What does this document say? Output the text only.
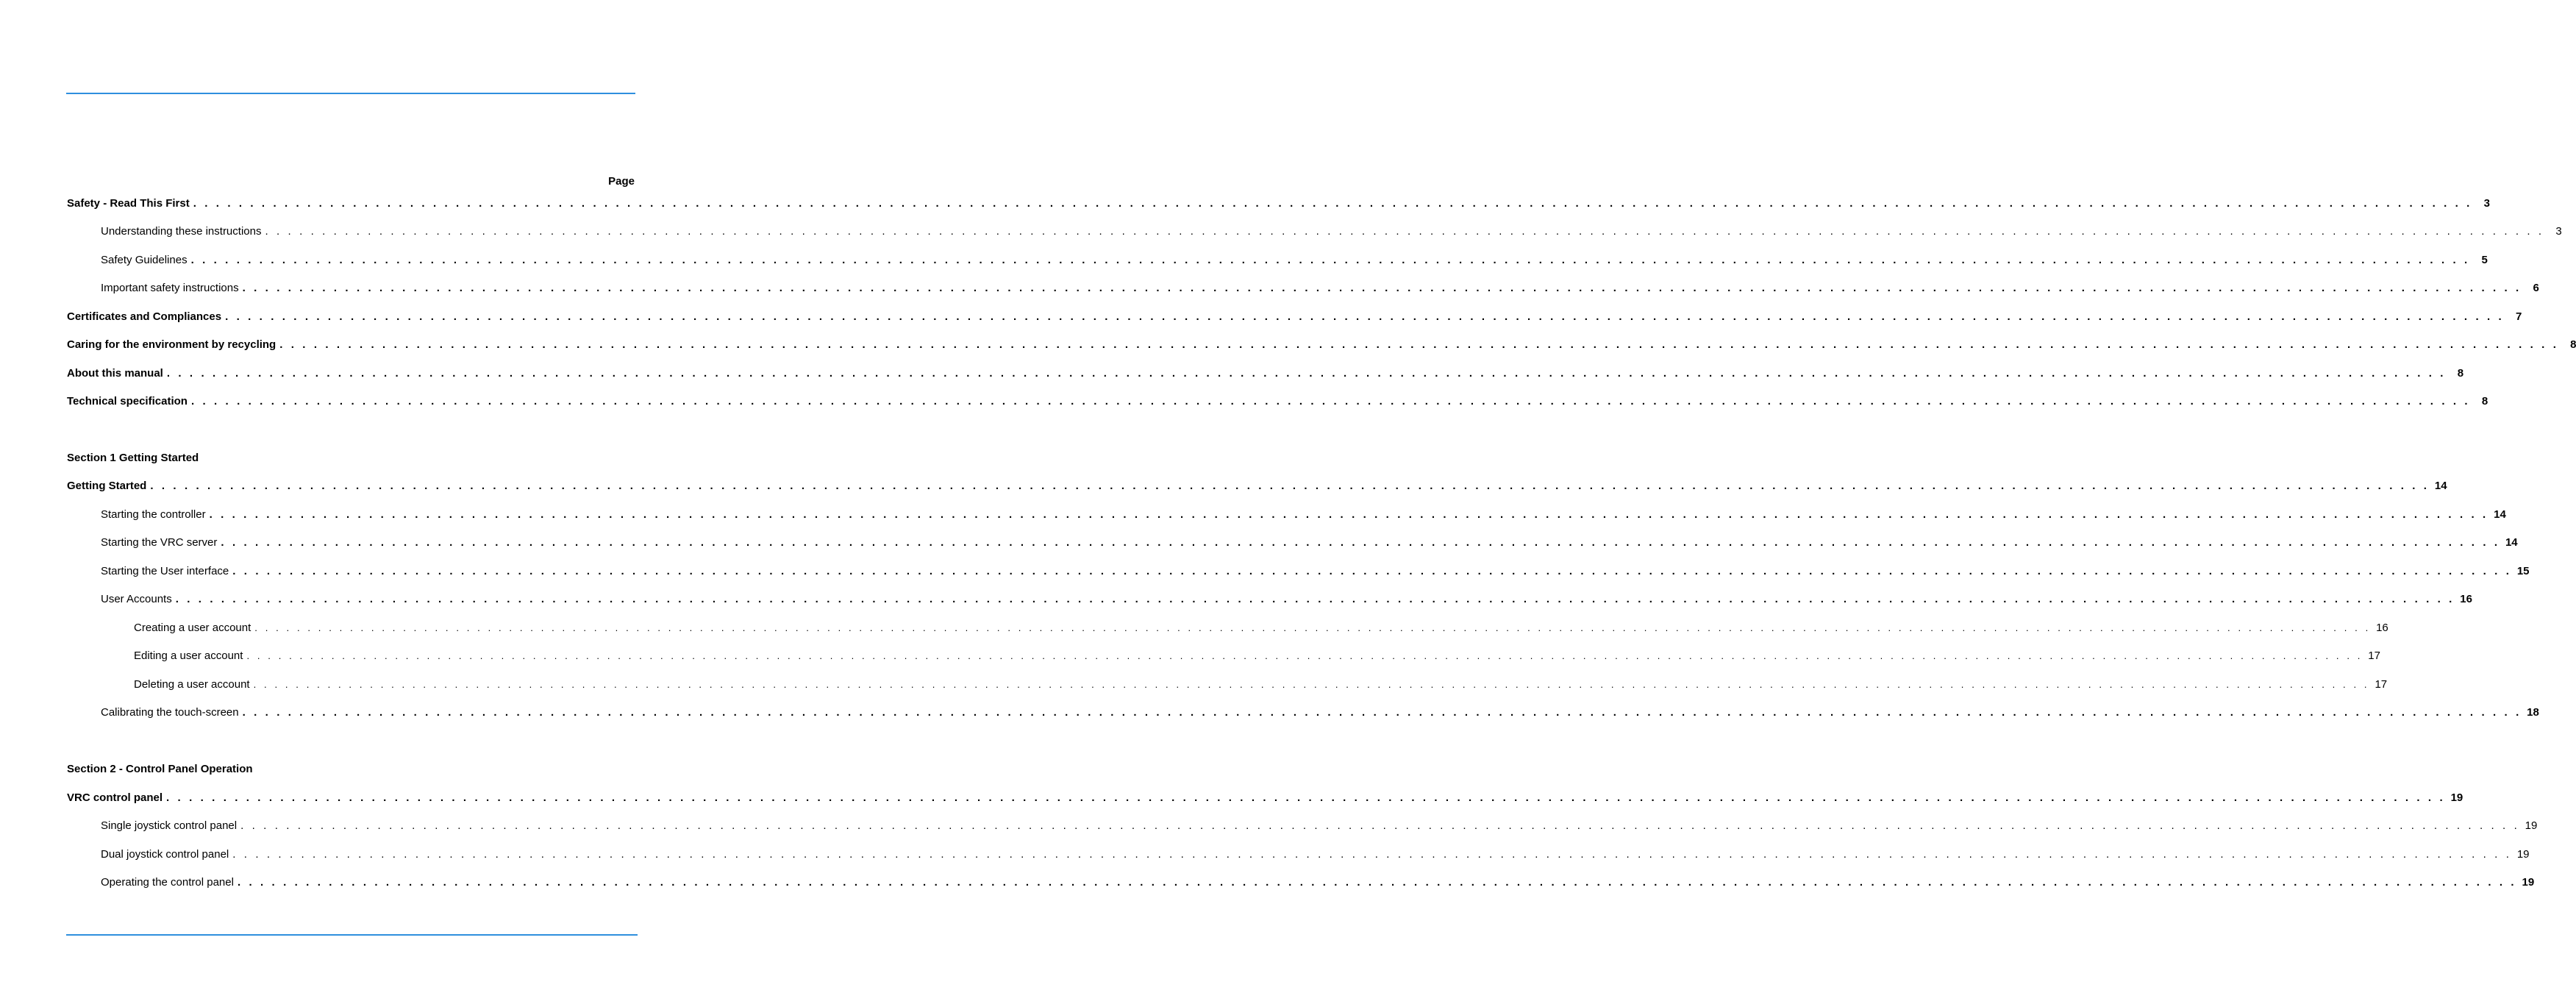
Page
Safety - Read This First . . . . . . . . . . . . . . . . . . . . . . . . . . . . . . . . . . . . . . . . . . . . . . . . . . . . . . . . . . . . . . . . . . . . . . . . . . . . . . . . . . . . . . . . . . . . . . . . . . . . . . . . . . . . . . . . . . . . . . . . . . . . . . . . . . . . . . . . . . . . . . . . . . . . . . . . . . . . . . . . . . . . . . . . . . . . . . . . . . . . . . . . . . . . . . . . . . . . . . . .	3
Understanding these instructions . . . . . . . . . . . . . . . . . . . . . . . . . . . . . . . . . . . . . . . . . . . . . . . . . . . . . . . . . . . . . . . . . . . . . . . . . . . . . . . . . . . . . . . . . . . . . . . . . . . . . . . . . . . . . . . . . . . . . . . . . . . . . . . . . . . . . . . . . . . . . . . . . . . . . . . . . . . . . . . . . . . . . . . . . . . . . . . . . . . . . . . . . . . . . . . . . . . . . . . .	3
Safety Guidelines . . . . . . . . . . . . . . . . . . . . . . . . . . . . . . . . . . . . . . . . . . . . . . . . . . . . . . . . . . . . . . . . . . . . . . . . . . . . . . . . . . . . . . . . . . . . . . . . . . . . . . . . . . . . . . . . . . . . . . . . . . . . . . . . . . . . . . . . . . . . . . . . . . . . . . . . . . . . . . . . . . . . . . . . . . . . . . . . . . . . . . . . . . . . . . . . . . . . . . . .	5
Important safety instructions . . . . . . . . . . . . . . . . . . . . . . . . . . . . . . . . . . . . . . . . . . . . . . . . . . . . . . . . . . . . . . . . . . . . . . . . . . . . . . . . . . . . . . . . . . . . . . . . . . . . . . . . . . . . . . . . . . . . . . . . . . . . . . . . . . . . . . . . . . . . . . . . . . . . . . . . . . . . . . . . . . . . . . . . . . . . . . . . . . . . . . . . . . . . . . . . . . . . . . . .	6
Certificates and Compliances . . . . . . . . . . . . . . . . . . . . . . . . . . . . . . . . . . . . . . . . . . . . . . . . . . . . . . . . . . . . . . . . . . . . . . . . . . . . . . . . . . . . . . . . . . . . . . . . . . . . . . . . . . . . . . . . . . . . . . . . . . . . . . . . . . . . . . . . . . . . . . . . . . . . . . . . . . . . . . . . . . . . . . . . . . . . . . . . . . . . . . . . . . . . . . . . . . . . . . . .	7
Caring for the environment by recycling . . . . . . . . . . . . . . . . . . . . . . . . . . . . . . . . . . . . . . . . . . . . . . . . . . . . . . . . . . . . . . . . . . . . . . . . . . . . . . . . . . . . . . . . . . . . . . . . . . . . . . . . . . . . . . . . . . . . . . . . . . . . . . . . . . . . . . . . . . . . . . . . . . . . . . . . . . . . . . . . . . . . . . . . . . . . . . . . . . . . . . . . . . . . . . . . . . . . . . . .	8
About this manual . . . . . . . . . . . . . . . . . . . . . . . . . . . . . . . . . . . . . . . . . . . . . . . . . . . . . . . . . . . . . . . . . . . . . . . . . . . . . . . . . . . . . . . . . . . . . . . . . . . . . . . . . . . . . . . . . . . . . . . . . . . . . . . . . . . . . . . . . . . . . . . . . . . . . . . . . . . . . . . . . . . . . . . . . . . . . . . . . . . . . . . . . . . . . . . . . . . . . . . .	8
Technical specification . . . . . . . . . . . . . . . . . . . . . . . . . . . . . . . . . . . . . . . . . . . . . . . . . . . . . . . . . . . . . . . . . . . . . . . . . . . . . . . . . . . . . . . . . . . . . . . . . . . . . . . . . . . . . . . . . . . . . . . . . . . . . . . . . . . . . . . . . . . . . . . . . . . . . . . . . . . . . . . . . . . . . . . . . . . . . . . . . . . . . . . . . . . . . . . . . . . . . . . .	8
Section 1 Getting Started
Getting Started . . . . . . . . . . . . . . . . . . . . . . . . . . . . . . . . . . . . . . . . . . . . . . . . . . . . . . . . . . . . . . . . . . . . . . . . . . . . . . . . . . . . . . . . . . . . . . . . . . . . . . . . . . . . . . . . . . . . . . . . . . . . . . . . . . . . . . . . . . . . . . . . . . . . . . . . . . . . . . . . . . . . . . . . . . . . . . . . . . . . . . . . . . . . . . . . . . . . . . . . 14
Starting the controller . . . . . . . . . . . . . . . . . . . . . . . . . . . . . . . . . . . . . . . . . . . . . . . . . . . . . . . . . . . . . . . . . . . . . . . . . . . . . . . . . . . . . . . . . . . . . . . . . . . . . . . . . . . . . . . . . . . . . . . . . . . . . . . . . . . . . . . . . . . . . . . . . . . . . . . . . . . . . . . . . . . . . . . . . . . . . . . . . . . . . . . . . . . . . . . . . . . . . . . . 14
Starting the VRC server . . . . . . . . . . . . . . . . . . . . . . . . . . . . . . . . . . . . . . . . . . . . . . . . . . . . . . . . . . . . . . . . . . . . . . . . . . . . . . . . . . . . . . . . . . . . . . . . . . . . . . . . . . . . . . . . . . . . . . . . . . . . . . . . . . . . . . . . . . . . . . . . . . . . . . . . . . . . . . . . . . . . . . . . . . . . . . . . . . . . . . . . . . . . . . . . . . . . . . . . 14
Starting the User interface . . . . . . . . . . . . . . . . . . . . . . . . . . . . . . . . . . . . . . . . . . . . . . . . . . . . . . . . . . . . . . . . . . . . . . . . . . . . . . . . . . . . . . . . . . . . . . . . . . . . . . . . . . . . . . . . . . . . . . . . . . . . . . . . . . . . . . . . . . . . . . . . . . . . . . . . . . . . . . . . . . . . . . . . . . . . . . . . . . . . . . . . . . . . . . . . . . . . . . . . 15
User Accounts . . . . . . . . . . . . . . . . . . . . . . . . . . . . . . . . . . . . . . . . . . . . . . . . . . . . . . . . . . . . . . . . . . . . . . . . . . . . . . . . . . . . . . . . . . . . . . . . . . . . . . . . . . . . . . . . . . . . . . . . . . . . . . . . . . . . . . . . . . . . . . . . . . . . . . . . . . . . . . . . . . . . . . . . . . . . . . . . . . . . . . . . . . . . . . . . . . . . . . . . 16
Creating a user account . . . . . . . . . . . . . . . . . . . . . . . . . . . . . . . . . . . . . . . . . . . . . . . . . . . . . . . . . . . . . . . . . . . . . . . . . . . . . . . . . . . . . . . . . . . . . . . . . . . . . . . . . . . . . . . . . . . . . . . . . . . . . . . . . . . . . . . . . . . . . . . . . . . . . . . . . . . . . . . . . . . . . . . . . . . . . . . . . . . . . . . . . . . . . . . . . . . . . . . . 16
Editing a user account . . . . . . . . . . . . . . . . . . . . . . . . . . . . . . . . . . . . . . . . . . . . . . . . . . . . . . . . . . . . . . . . . . . . . . . . . . . . . . . . . . . . . . . . . . . . . . . . . . . . . . . . . . . . . . . . . . . . . . . . . . . . . . . . . . . . . . . . . . . . . . . . . . . . . . . . . . . . . . . . . . . . . . . . . . . . . . . . . . . . . . . . . . . . . . . . . . . . . . . . 17
Deleting a user account . . . . . . . . . . . . . . . . . . . . . . . . . . . . . . . . . . . . . . . . . . . . . . . . . . . . . . . . . . . . . . . . . . . . . . . . . . . . . . . . . . . . . . . . . . . . . . . . . . . . . . . . . . . . . . . . . . . . . . . . . . . . . . . . . . . . . . . . . . . . . . . . . . . . . . . . . . . . . . . . . . . . . . . . . . . . . . . . . . . . . . . . . . . . . . . . . . . . . . . . 17
Calibrating the touch-screen . . . . . . . . . . . . . . . . . . . . . . . . . . . . . . . . . . . . . . . . . . . . . . . . . . . . . . . . . . . . . . . . . . . . . . . . . . . . . . . . . . . . . . . . . . . . . . . . . . . . . . . . . . . . . . . . . . . . . . . . . . . . . . . . . . . . . . . . . . . . . . . . . . . . . . . . . . . . . . . . . . . . . . . . . . . . . . . . . . . . . . . . . . . . . . . . . . . . . . . . 18
Section 2 - Control Panel Operation
VRC control panel . . . . . . . . . . . . . . . . . . . . . . . . . . . . . . . . . . . . . . . . . . . . . . . . . . . . . . . . . . . . . . . . . . . . . . . . . . . . . . . . . . . . . . . . . . . . . . . . . . . . . . . . . . . . . . . . . . . . . . . . . . . . . . . . . . . . . . . . . . . . . . . . . . . . . . . . . . . . . . . . . . . . . . . . . . . . . . . . . . . . . . . . . . . . . . . . . . . . . . . . 19
Single joystick control panel . . . . . . . . . . . . . . . . . . . . . . . . . . . . . . . . . . . . . . . . . . . . . . . . . . . . . . . . . . . . . . . . . . . . . . . . . . . . . . . . . . . . . . . . . . . . . . . . . . . . . . . . . . . . . . . . . . . . . . . . . . . . . . . . . . . . . . . . . . . . . . . . . . . . . . . . . . . . . . . . . . . . . . . . . . . . . . . . . . . . . . . . . . . . . . . . . . . . . . . . 19
Dual joystick control panel . . . . . . . . . . . . . . . . . . . . . . . . . . . . . . . . . . . . . . . . . . . . . . . . . . . . . . . . . . . . . . . . . . . . . . . . . . . . . . . . . . . . . . . . . . . . . . . . . . . . . . . . . . . . . . . . . . . . . . . . . . . . . . . . . . . . . . . . . . . . . . . . . . . . . . . . . . . . . . . . . . . . . . . . . . . . . . . . . . . . . . . . . . . . . . . . . . . . . . . . 19
Operating the control panel . . . . . . . . . . . . . . . . . . . . . . . . . . . . . . . . . . . . . . . . . . . . . . . . . . . . . . . . . . . . . . . . . . . . . . . . . . . . . . . . . . . . . . . . . . . . . . . . . . . . . . . . . . . . . . . . . . . . . . . . . . . . . . . . . . . . . . . . . . . . . . . . . . . . . . . . . . . . . . . . . . . . . . . . . . . . . . . . . . . . . . . . . . . . . . . . . . . . . . . . 19
